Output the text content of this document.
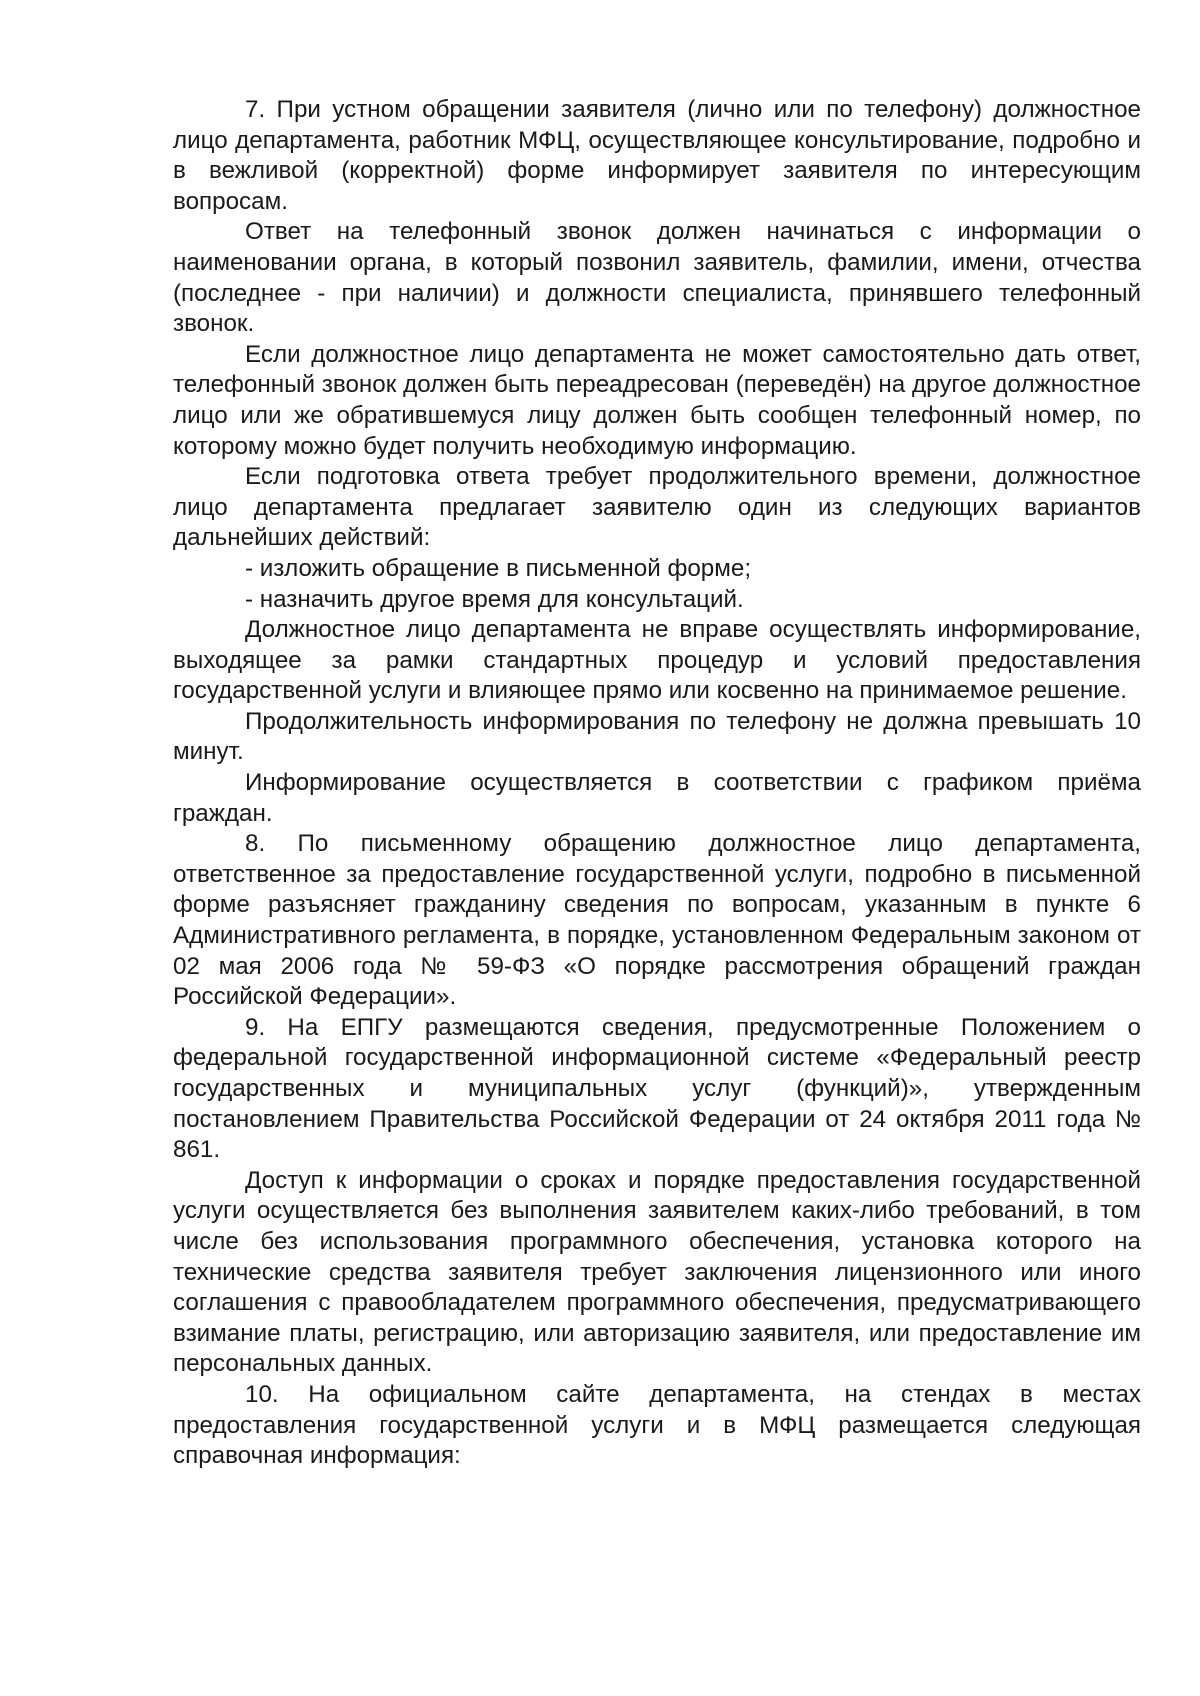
7. При устном обращении заявителя (лично или по телефону) должностное лицо департамента, работник МФЦ, осуществляющее консультирование, подробно и в вежливой (корректной) форме информирует заявителя по интересующим вопросам.

Ответ на телефонный звонок должен начинаться с информации о наименовании органа, в который позвонил заявитель, фамилии, имени, отчества (последнее - при наличии) и должности специалиста, принявшего телефонный звонок.

Если должностное лицо департамента не может самостоятельно дать ответ, телефонный звонок должен быть переадресован (переведён) на другое должностное лицо или же обратившемуся лицу должен быть сообщен телефонный номер, по которому можно будет получить необходимую информацию.

Если подготовка ответа требует продолжительного времени, должностное лицо департамента предлагает заявителю один из следующих вариантов дальнейших действий:

- изложить обращение в письменной форме;

- назначить другое время для консультаций.

Должностное лицо департамента не вправе осуществлять информирование, выходящее за рамки стандартных процедур и условий предоставления государственной услуги и влияющее прямо или косвенно на принимаемое решение.

Продолжительность информирования по телефону не должна превышать 10 минут.

Информирование осуществляется в соответствии с графиком приёма граждан.

8. По письменному обращению должностное лицо департамента, ответственное за предоставление государственной услуги, подробно в письменной форме разъясняет гражданину сведения по вопросам, указанным в пункте 6 Административного регламента, в порядке, установленном Федеральным законом от 02 мая 2006 года № 59-ФЗ «О порядке рассмотрения обращений граждан Российской Федерации».

9. На ЕПГУ размещаются сведения, предусмотренные Положением о федеральной государственной информационной системе «Федеральный реестр государственных и муниципальных услуг (функций)», утвержденным постановлением Правительства Российской Федерации от 24 октября 2011 года № 861.

Доступ к информации о сроках и порядке предоставления государственной услуги осуществляется без выполнения заявителем каких-либо требований, в том числе без использования программного обеспечения, установка которого на технические средства заявителя требует заключения лицензионного или иного соглашения с правообладателем программного обеспечения, предусматривающего взимание платы, регистрацию, или авторизацию заявителя, или предоставление им персональных данных.

10. На официальном сайте департамента, на стендах в местах предоставления государственной услуги и в МФЦ размещается следующая справочная информация:
